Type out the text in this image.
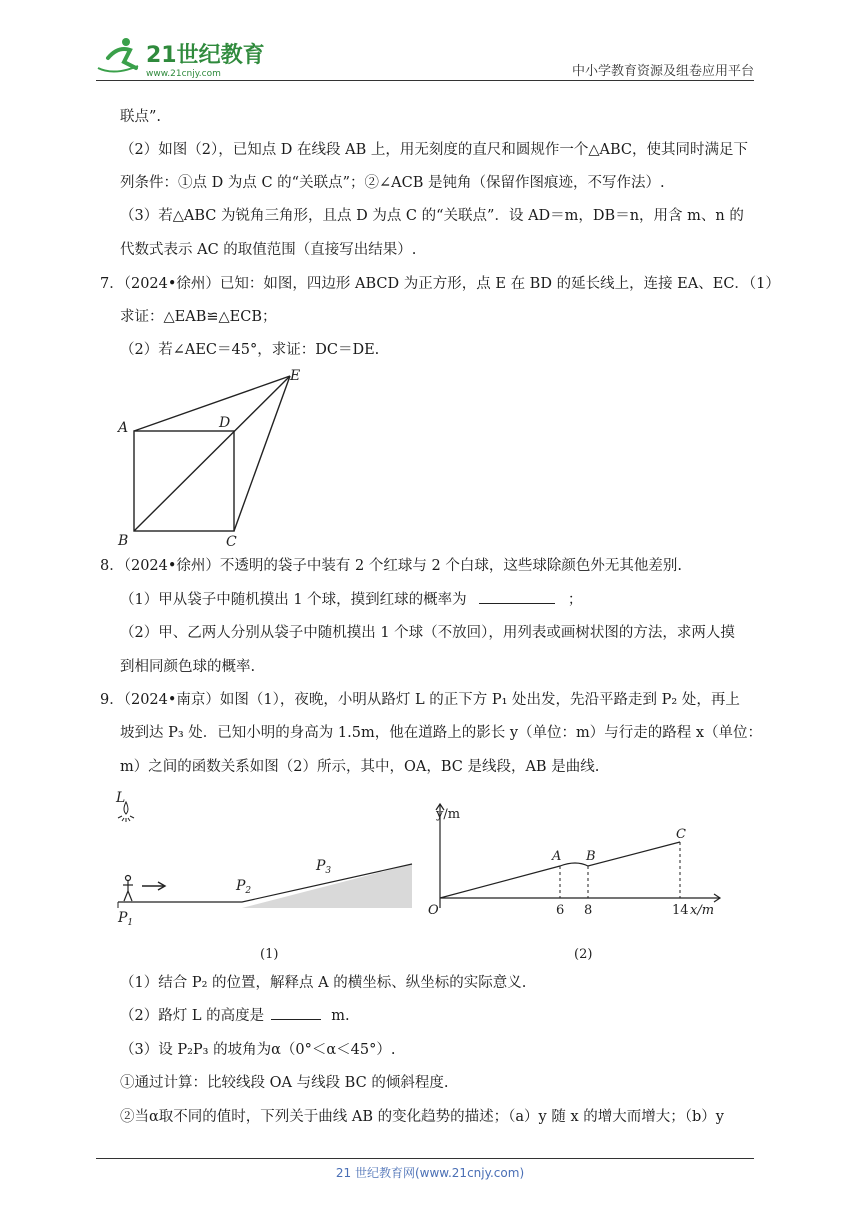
21世纪教育
www.21cnjy.com	中小学教育资源及组卷应用平台
联点”.
（2）如图（2），已知点 D 在线段 AB 上，用无刻度的直尺和圆规作一个△ABC，使其同时满足下
列条件：①点 D 为点 C 的“关联点”；②∠ACB 是钝角（保留作图痕迹，不写作法）.
（3）若△ABC 为锐角三角形，且点 D 为点 C 的“关联点”．设 AD＝m，DB＝n，用含 m、n 的
代数式表示 AC 的取值范围（直接写出结果）.
7．（2024•徐州）已知：如图，四边形 ABCD 为正方形，点 E 在 BD 的延长线上，连接 EA、EC．（1）
求证：△EAB≌△ECB；
（2）若∠AEC＝45°，求证：DC＝DE.
A
B	C
D
E
8．（2024•徐州）不透明的袋子中装有 2 个红球与 2 个白球，这些球除颜色外无其他差别.
（1）甲从袋子中随机摸出 1 个球，摸到红球的概率为	；
（2）甲、乙两人分别从袋子中随机摸出 1 个球（不放回），用列表或画树状图的方法，求两人摸
到相同颜色球的概率.
9．（2024•南京）如图（1），夜晚，小明从路灯 L 的正下方 P₁ 处出发，先沿平路走到 P₂ 处，再上
坡到达 P₃ 处．已知小明的身高为 1.5m，他在道路上的影长 y（单位：m）与行走的路程 x（单位：
m）之间的函数关系如图（2）所示，其中，OA，BC 是线段，AB 是曲线.
L
$P_1$
$P_2$
$P_3$
(1)
y/m
x/m
O
A B
C
6 8	14
(2)
（1）结合 P₂ 的位置，解释点 A 的横坐标、纵坐标的实际意义.
（2）路灯 L 的高度是	m.
（3）设 P₂P₃ 的坡角为α（0°＜α＜45°）.
①通过计算：比较线段 OA 与线段 BC 的倾斜程度.
②当α取不同的值时，下列关于曲线 AB 的变化趋势的描述；（a）y 随 x 的增大而增大；（b）y
21 世纪教育网(www.21cnjy.com)
